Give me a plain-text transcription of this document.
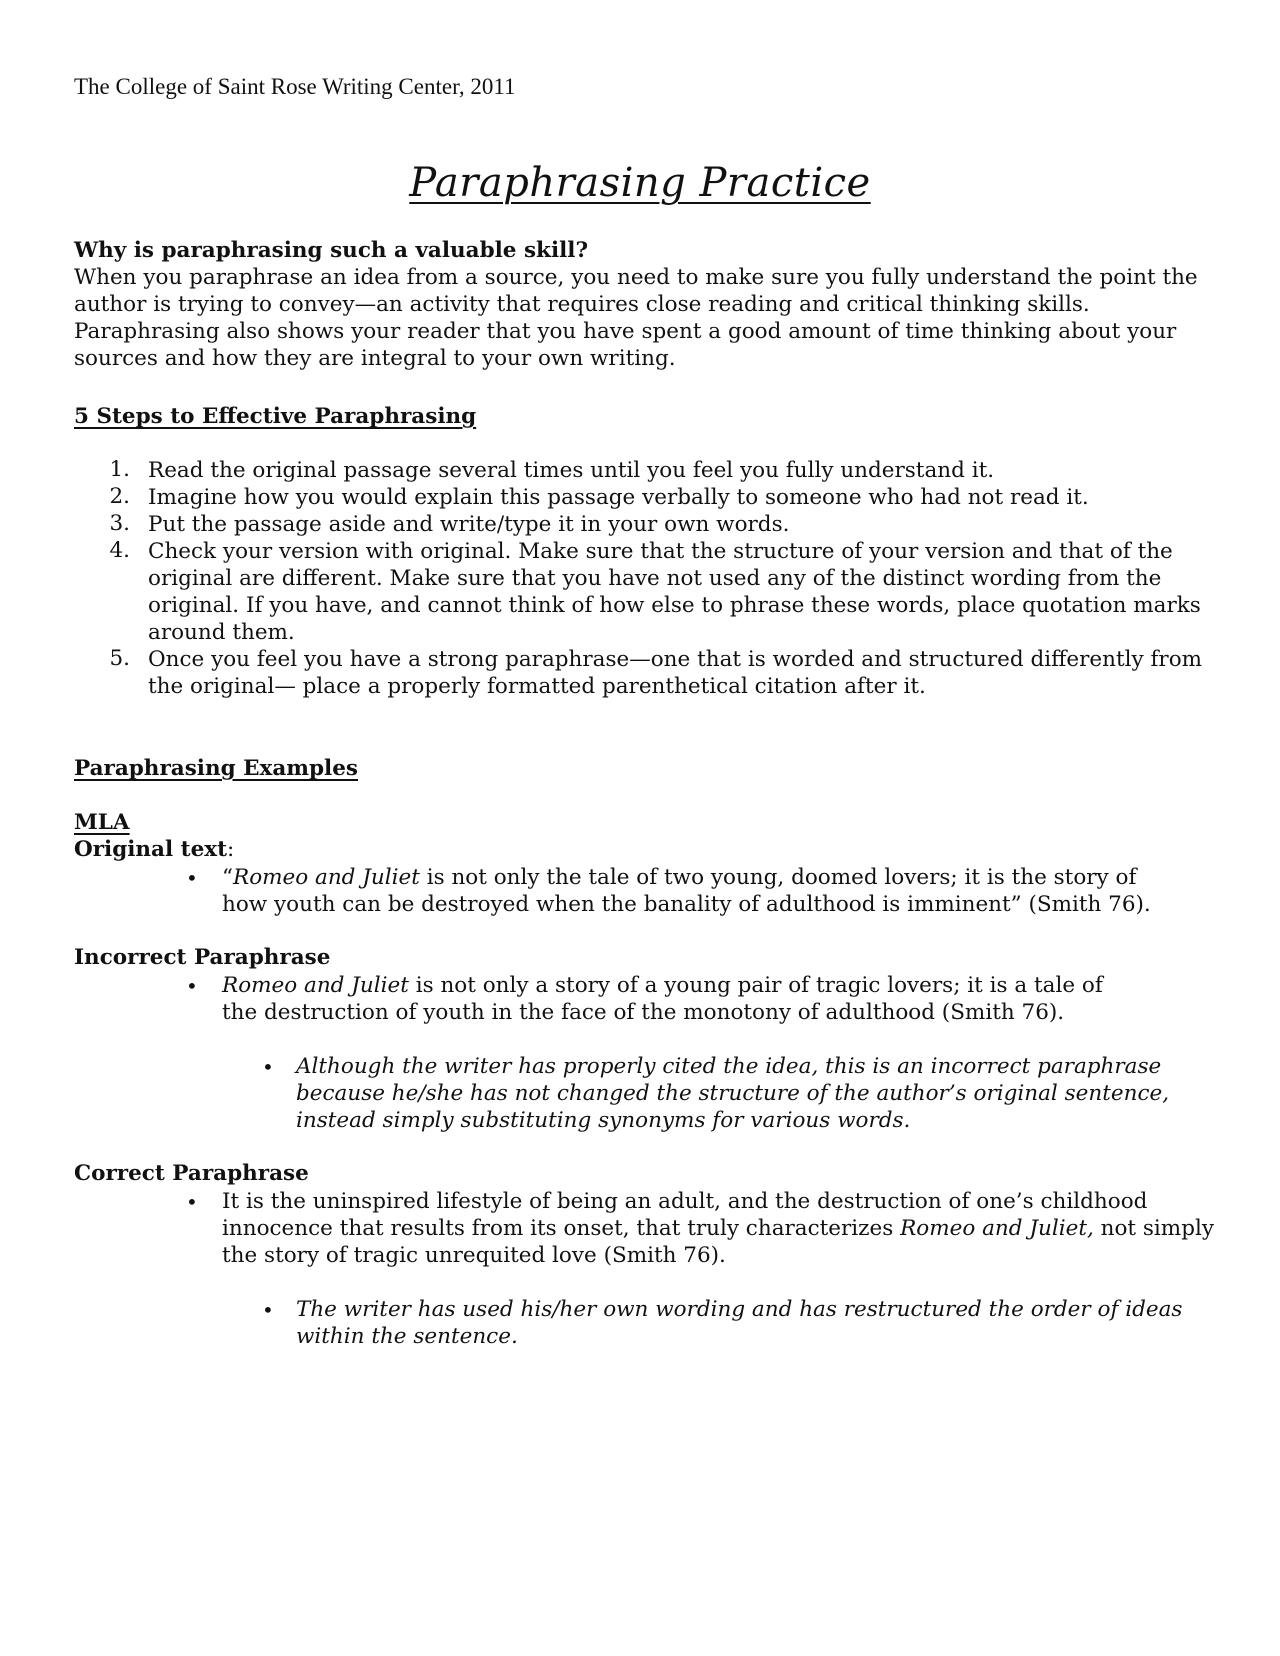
The College of Saint Rose Writing Center, 2011
Paraphrasing Practice
Why is paraphrasing such a valuable skill?
When you paraphrase an idea from a source, you need to make sure you fully understand the point the
author is trying to convey—an activity that requires close reading and critical thinking skills.
Paraphrasing also shows your reader that you have spent a good amount of time thinking about your
sources and how they are integral to your own writing.
5 Steps to Effective Paraphrasing
1. Read the original passage several times until you feel you fully understand it.
2. Imagine how you would explain this passage verbally to someone who had not read it.
3. Put the passage aside and write/type it in your own words.
4. Check your version with original. Make sure that the structure of your version and that of the
original are different. Make sure that you have not used any of the distinct wording from the
original. If you have, and cannot think of how else to phrase these words, place quotation marks
around them.
5. Once you feel you have a strong paraphrase—one that is worded and structured differently from
the original— place a properly formatted parenthetical citation after it.
Paraphrasing Examples
MLA
Original text:
• “Romeo and Juliet is not only the tale of two young, doomed lovers; it is the story of
how youth can be destroyed when the banality of adulthood is imminent” (Smith 76).
Incorrect Paraphrase
• Romeo and Juliet is not only a story of a young pair of tragic lovers; it is a tale of
the destruction of youth in the face of the monotony of adulthood (Smith 76).
• Although the writer has properly cited the idea, this is an incorrect paraphrase
because he/she has not changed the structure of the author’s original sentence,
instead simply substituting synonyms for various words.
Correct Paraphrase
• It is the uninspired lifestyle of being an adult, and the destruction of one’s childhood
innocence that results from its onset, that truly characterizes Romeo and Juliet, not simply
the story of tragic unrequited love (Smith 76).
• The writer has used his/her own wording and has restructured the order of ideas
within the sentence.
